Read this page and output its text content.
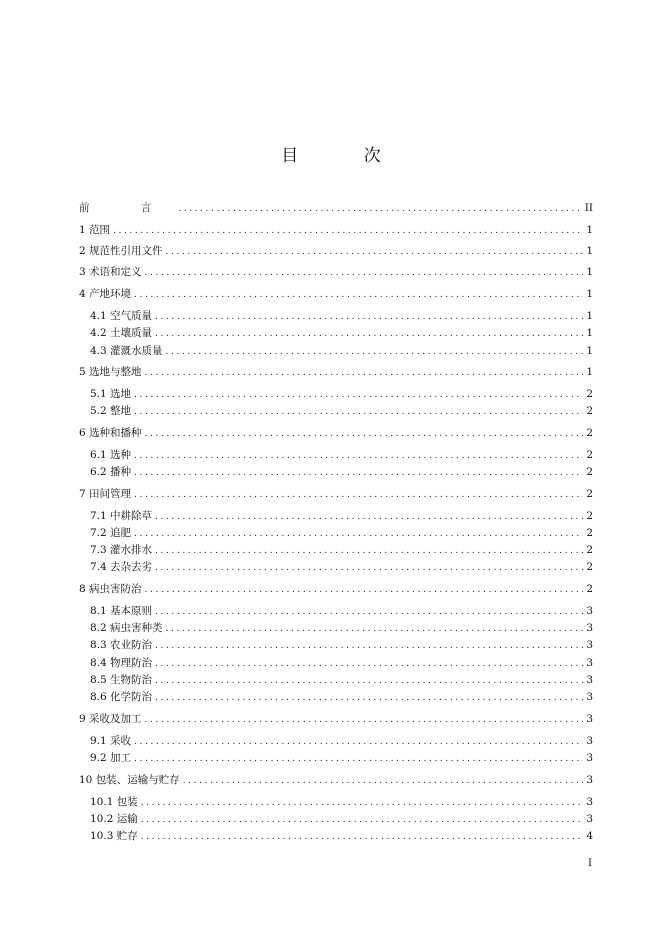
目 次
前 言 .....	II
1 范围 .....	1
2 规范性引用文件 .....	1
3 术语和定义 .....	1
4 产地环境 .....	1
4.1 空气质量 .....	1
4.2 土壤质量 .....	1
4.3 灌溉水质量 .....	1
5 选地与整地 .....	1
5.1 选地 .....	2
5.2 整地 .....	2
6 选种和播种 .....	2
6.1 选种 .....	2
6.2 播种 .....	2
7 田间管理 .....	2
7.1 中耕除草 .....	2
7.2 追肥 .....	2
7.3 灌水排水 .....	2
7.4 去杂去劣 .....	2
8 病虫害防治 .....	2
8.1 基本原则 .....	3
8.2 病虫害种类 .....	3
8.3 农业防治 .....	3
8.4 物理防治 .....	3
8.5 生物防治 .....	3
8.6 化学防治 .....	3
9 采收及加工 .....	3
9.1 采收 .....	3
9.2 加工 .....	3
10 包装、运输与贮存 .....	3
10.1 包装 .....	3
10.2 运输 .....	3
10.3 贮存 .....	4
I
